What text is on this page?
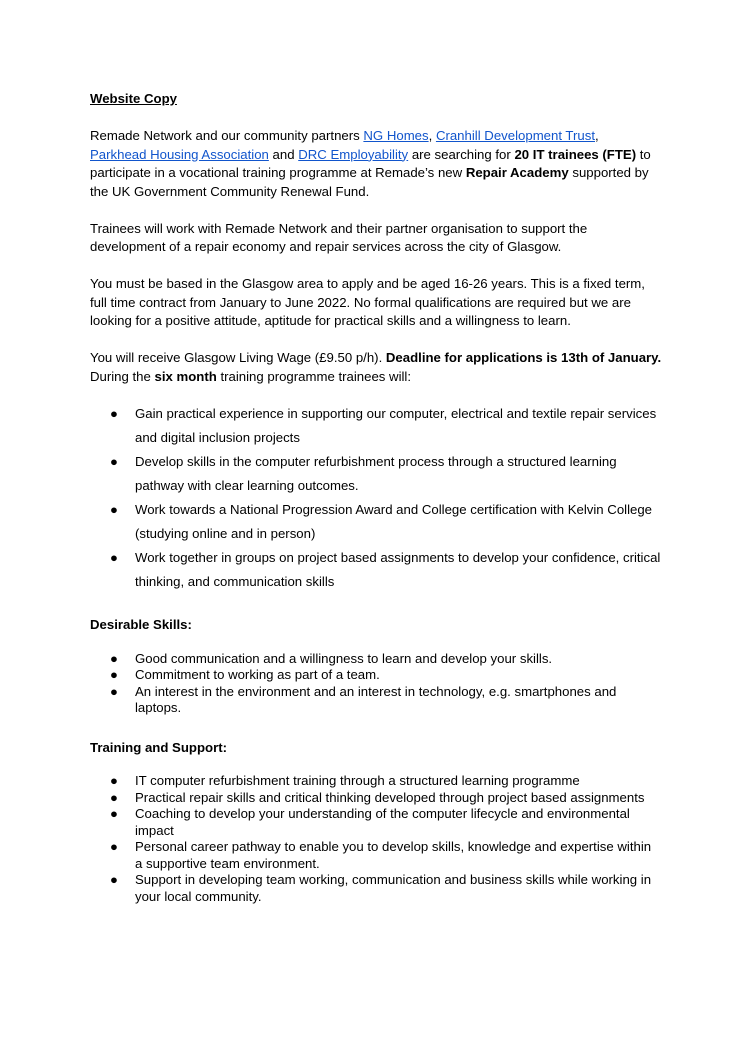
Website Copy

Remade Network and our community partners NG Homes, Cranhill Development Trust,
Parkhead Housing Association and DRC Employability are searching for 20 IT trainees (FTE) to participate in a vocational training programme at Remade’s new Repair Academy supported by the UK Government Community Renewal Fund.

Trainees will work with Remade Network and their partner organisation to support the development of a repair economy and repair services across the city of Glasgow.

You must be based in the Glasgow area to apply and be aged 16-26 years. This is a fixed term, full time contract from January to June 2022. No formal qualifications are required but we are looking for a positive attitude, aptitude for practical skills and a willingness to learn.

You will receive Glasgow Living Wage (£9.50 p/h). Deadline for applications is 13th of January. During the six month training programme trainees will:

● Gain practical experience in supporting our computer, electrical and textile repair services and digital inclusion projects
● Develop skills in the computer refurbishment process through a structured learning pathway with clear learning outcomes.
● Work towards a National Progression Award and College certification with Kelvin College (studying online and in person)
● Work together in groups on project based assignments to develop your confidence, critical thinking, and communication skills

Desirable Skills:

● Good communication and a willingness to learn and develop your skills.
● Commitment to working as part of a team.
● An interest in the environment and an interest in technology, e.g. smartphones and laptops.

Training and Support:

● IT computer refurbishment training through a structured learning programme
● Practical repair skills and critical thinking developed through project based assignments
● Coaching to develop your understanding of the computer lifecycle and environmental impact
● Personal career pathway to enable you to develop skills, knowledge and expertise within a supportive team environment.
● Support in developing team working, communication and business skills while working in your local community.
